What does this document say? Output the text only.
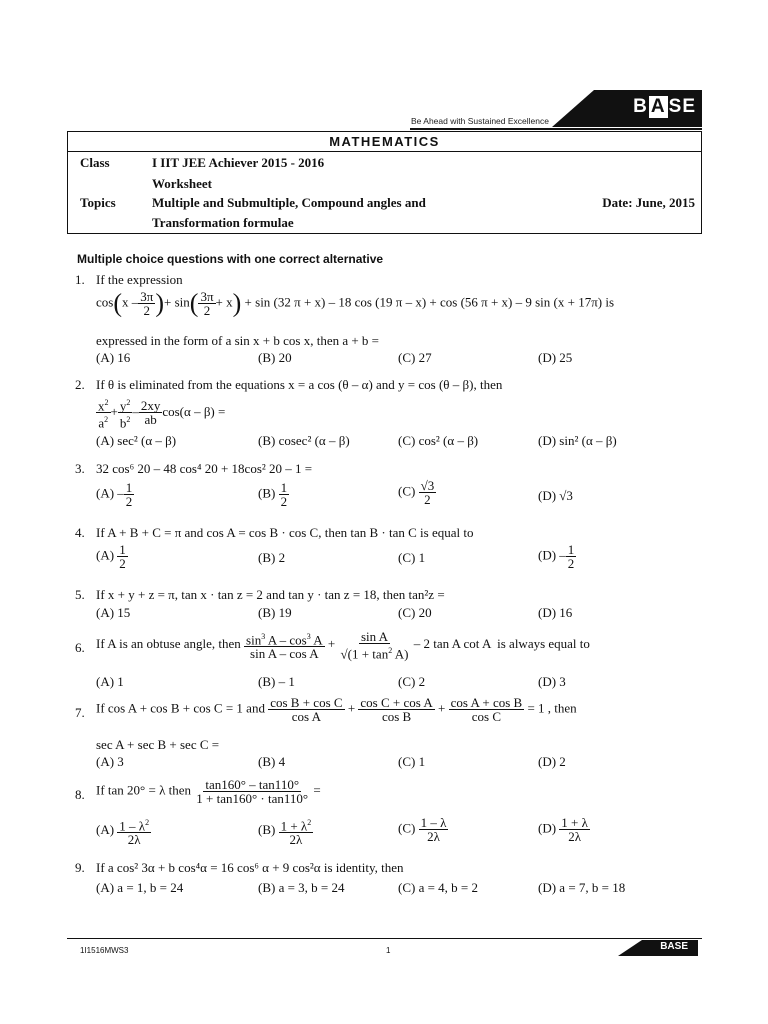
B A SE
Be Ahead with Sustained Excellence
MATHEMATICS
Class	I IIT JEE Achiever 2015 - 2016
Worksheet
Topics	Multiple and Submultiple, Compound angles and
Transformation formulae
Date: June, 2015
Multiple choice questions with one correct alternative
1. If the expression
$\cos(x - \frac{3\pi}{2}$ )+ $\sin( \frac{3\pi}{2} + x) + \sin (32$ π + x) – 18 cos (19 π – x) + cos (56 π + x) – 9 sin (x + 17π) is
expressed in the form of a sin x + b cos x, then a + b =
(A) 16	(B) 20	(C) 27	(D) 25
2. If θ is eliminated from the equations x = a cos (θ – α) and y = cos (θ – β), then
$\frac{x^2}{a^2} + \frac{y^2}{b^2} - \frac{2xy}{ab} \cos(\alpha - \beta)$ =
(A) sec² (α – β)	(B) cosec² (α – β)	(C) cos² (α – β)	(D) sin² (α – β)
3. 32 cos⁶ 20 – 48 cos⁴ 20 + 18cos² 20 – 1 =
$(A) - \frac{1}{2}$	$(B) \frac{1}{2}$	$(C) \frac{√3}{2}$	(D) √3
4. If A + B + C = π and cos A = cos B · cos C, then tan B · tan C is equal to
$(A) \frac{1}{2}$	(B) 2	(C) 1	$(D) - \frac{1}{2}$
5. If x + y + z = π, tan x · tan z = 2 and tan y · tan z = 18, then tan²z =
(A) 15	(B) 19	(C) 20	(D) 16
6. If A is an obtuse angle, then $\frac{\sin^3 A - \cos^3 A}{\text{sin A – cos A}} + \frac{\text{sin A}}{√(1 + \tan^2 A)} - 2$ tan A cot A  is always equal to
(A) 1	(B) – 1	(C) 2	(D) 3
7. If cos A + cos B + cos C = 1 and $\frac{\text{cos B + cos C}}{\text{cos A}} + \frac{\text{cos C + cos A}}{\text{cos B}} + \frac{\text{cos A + cos B}}{\text{cos C}} = 1$ , then
sec A + sec B + sec C =
(A) 3	(B) 4	(C) 1	(D) 2
8. If tan 20° = λ then $\frac{\tan 160^\circ - \tan 110^\circ}{1 + \tan 160^\circ \cdot \tan 110^\circ}$ =
$(A) \frac{1 - \lambda^2}{2\lambda}$	$(B) \frac{1 + \lambda^2}{2\lambda}$	$(C) \frac{1 - \lambda}{2\lambda}$	$(D) \frac{1 + \lambda}{2\lambda}$
9. If a cos² 3α + b cos⁴α = 16 cos⁶ α + 9 cos²α is identity, then
(A) a = 1, b = 24	(B) a = 3, b = 24	(C) a = 4, b = 2	(D) a = 7, b = 18
1I1516MWS3	1	BASE
